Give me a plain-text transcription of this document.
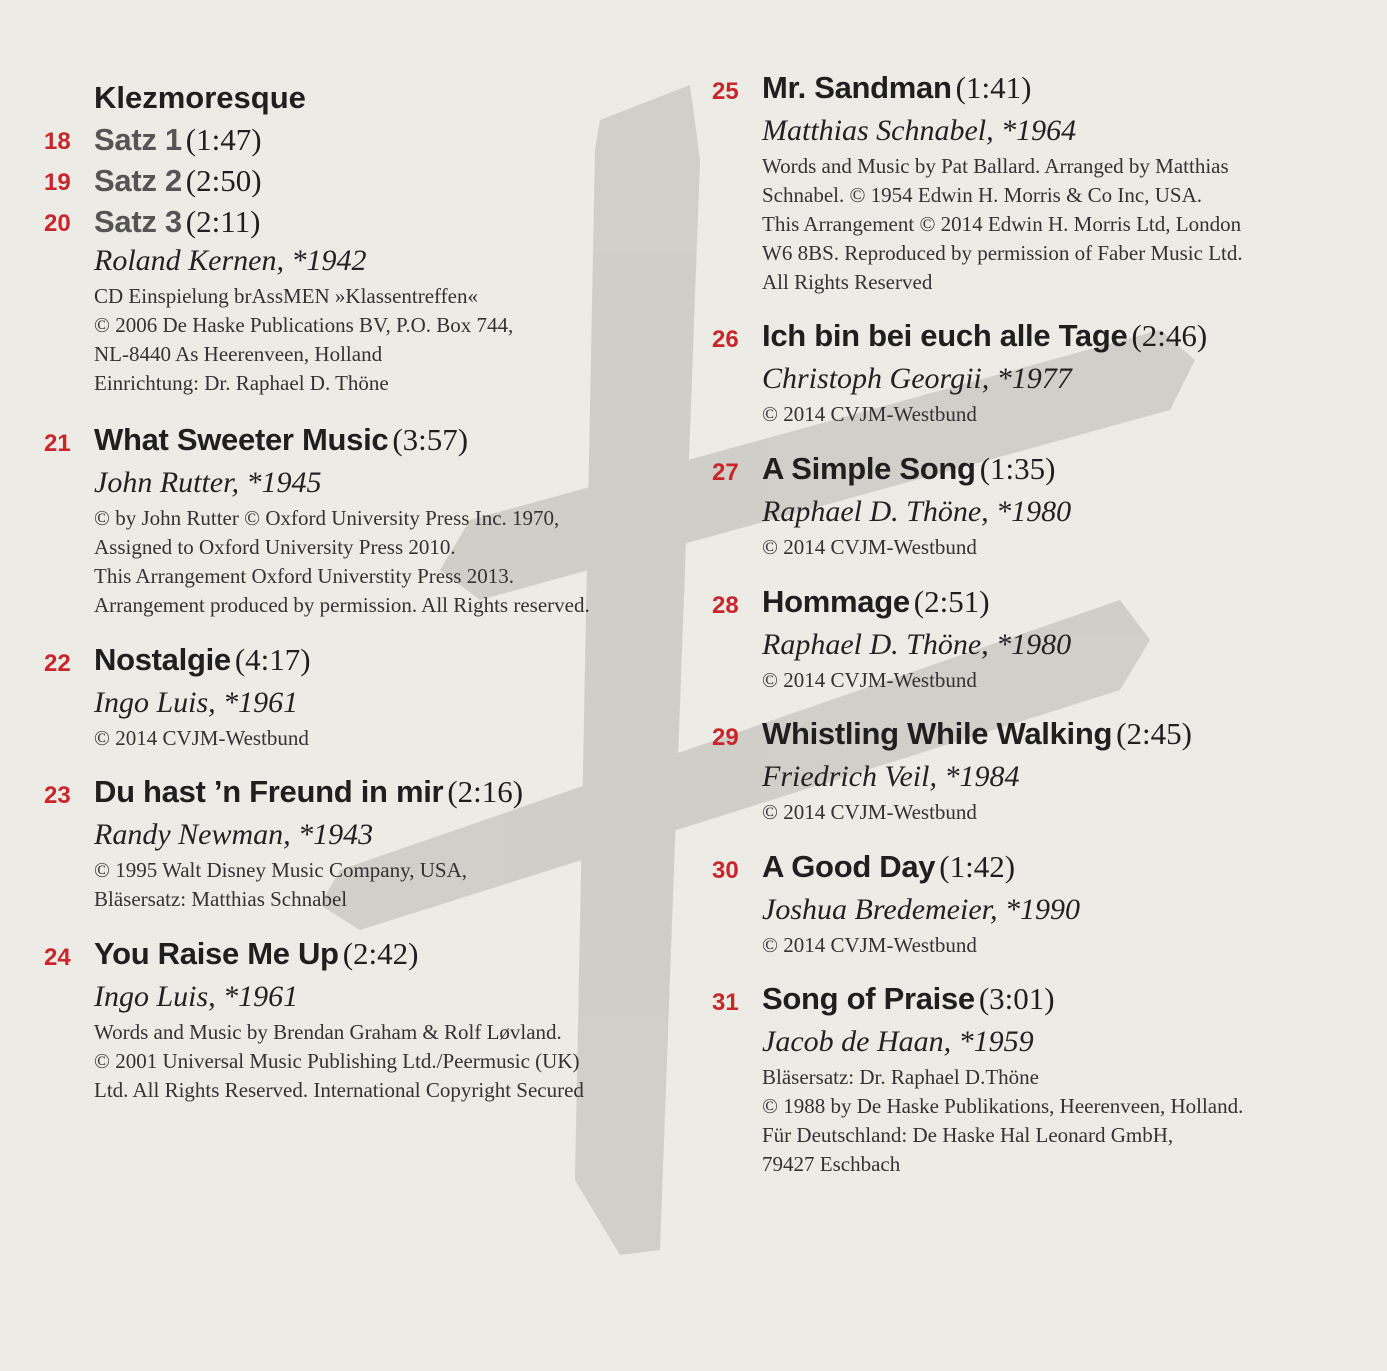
Klezmoresque
18 Satz 1 (1:47)
19 Satz 2 (2:50)
20 Satz 3 (2:11)
Roland Kernen, *1942
CD Einspielung brAssMEN »Klassentreffen«
© 2006 De Haske Publications BV, P.O. Box 744,
NL-8440 As Heerenveen, Holland
Einrichtung: Dr. Raphael D. Thöne
21 What Sweeter Music (3:57)
John Rutter, *1945
© by John Rutter © Oxford University Press Inc. 1970,
Assigned to Oxford University Press 2010.
This Arrangement Oxford Universtity Press 2013.
Arrangement produced by permission. All Rights reserved.
22 Nostalgie (4:17)
Ingo Luis, *1961
© 2014 CVJM-Westbund
23 Du hast ’n Freund in mir (2:16)
Randy Newman, *1943
© 1995 Walt Disney Music Company, USA,
Bläsersatz: Matthias Schnabel
24 You Raise Me Up (2:42)
Ingo Luis, *1961
Words and Music by Brendan Graham & Rolf Løvland.
© 2001 Universal Music Publishing Ltd./Peermusic (UK)
Ltd. All Rights Reserved. International Copyright Secured
25 Mr. Sandman (1:41)
Matthias Schnabel, *1964
Words and Music by Pat Ballard. Arranged by Matthias
Schnabel. © 1954 Edwin H. Morris & Co Inc, USA.
This Arrangement © 2014 Edwin H. Morris Ltd, London
W6 8BS. Reproduced by permission of Faber Music Ltd.
All Rights Reserved
26 Ich bin bei euch alle Tage (2:46)
Christoph Georgii, *1977
© 2014 CVJM-Westbund
27 A Simple Song (1:35)
Raphael D. Thöne, *1980
© 2014 CVJM-Westbund
28 Hommage (2:51)
Raphael D. Thöne, *1980
© 2014 CVJM-Westbund
29 Whistling While Walking (2:45)
Friedrich Veil, *1984
© 2014 CVJM-Westbund
30 A Good Day (1:42)
Joshua Bredemeier, *1990
© 2014 CVJM-Westbund
31 Song of Praise (3:01)
Jacob de Haan, *1959
Bläsersatz: Dr. Raphael D.Thöne
© 1988 by De Haske Publikations, Heerenveen, Holland.
Für Deutschland: De Haske Hal Leonard GmbH,
79427 Eschbach
